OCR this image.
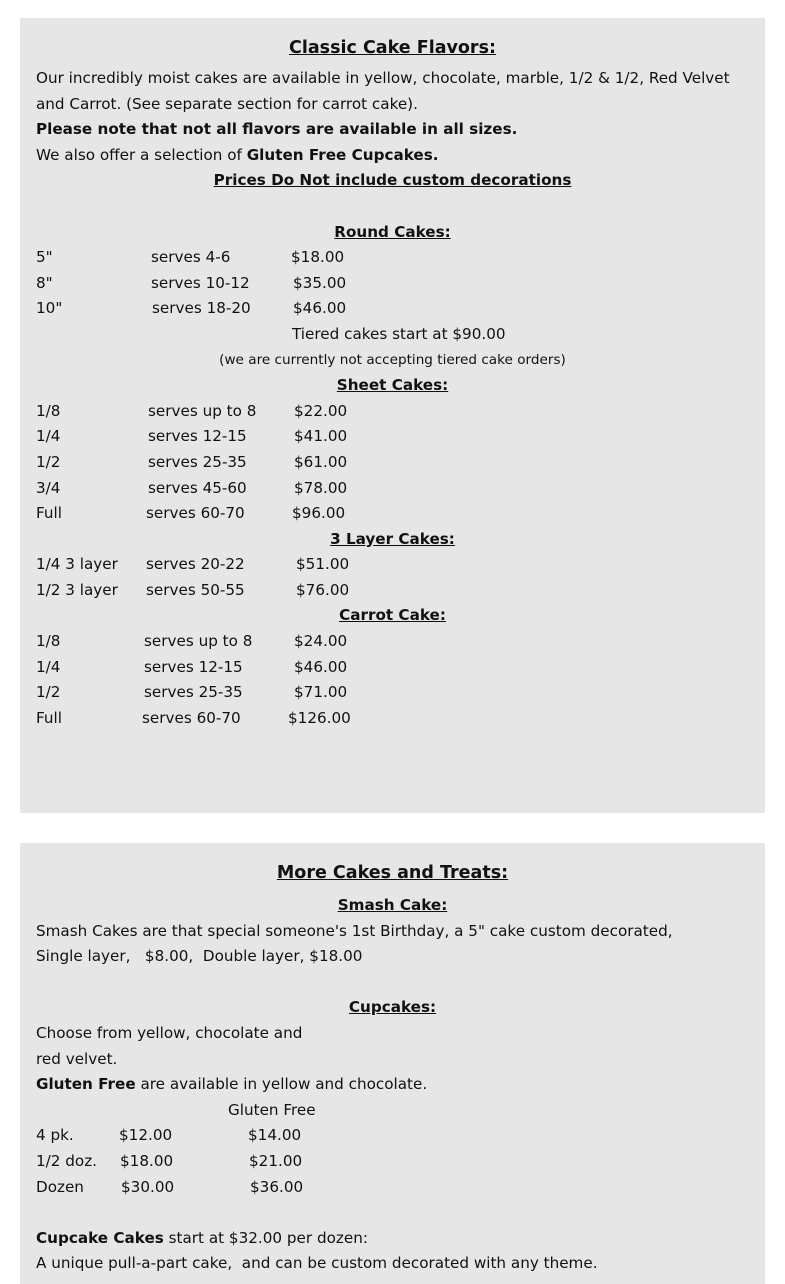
Classic Cake Flavors:
Our incredibly moist cakes are available in yellow, chocolate, marble, 1/2 & 1/2, Red Velvet and Carrot. (See separate section for carrot cake).
Please note that not all flavors are available in all sizes.
We also offer a selection of Gluten Free Cupcakes.
Prices Do Not include custom decorations
Round Cakes:
5"	serves 4-6	$18.00
8"	serves 10-12	$35.00
10"	serves 18-20	$46.00
Tiered cakes start at $90.00
(we are currently not accepting tiered cake orders)
Sheet Cakes:
1/8	serves up to 8 $22.00
1/4	serves 12-15	$41.00
1/2	serves 25-35	$61.00
3/4	serves 45-60	$78.00
Full	serves 60-70	$96.00
3 Layer Cakes:
1/4 3 layer serves 20-22	$51.00
1/2 3 layer serves 50-55	$76.00
Carrot Cake:
1/8	serves up to 8	$24.00
1/4	serves 12-15	$46.00
1/2	serves 25-35	$71.00
Full	serves 60-70	$126.00
More Cakes and Treats:
Smash Cake:
Smash Cakes are that special someone's 1st Birthday, a 5" cake custom decorated,
Single layer,   $8.00,  Double layer, $18.00
Cupcakes:
Choose from yellow, chocolate and
red velvet.
Gluten Free are available in yellow and chocolate.
Gluten Free
4 pk.	$12.00	$14.00
1/2 doz. $18.00	$21.00
Dozen $30.00	$36.00
Cupcake Cakes start at $32.00 per dozen:
A unique pull-a-part cake,  and can be custom decorated with any theme.
